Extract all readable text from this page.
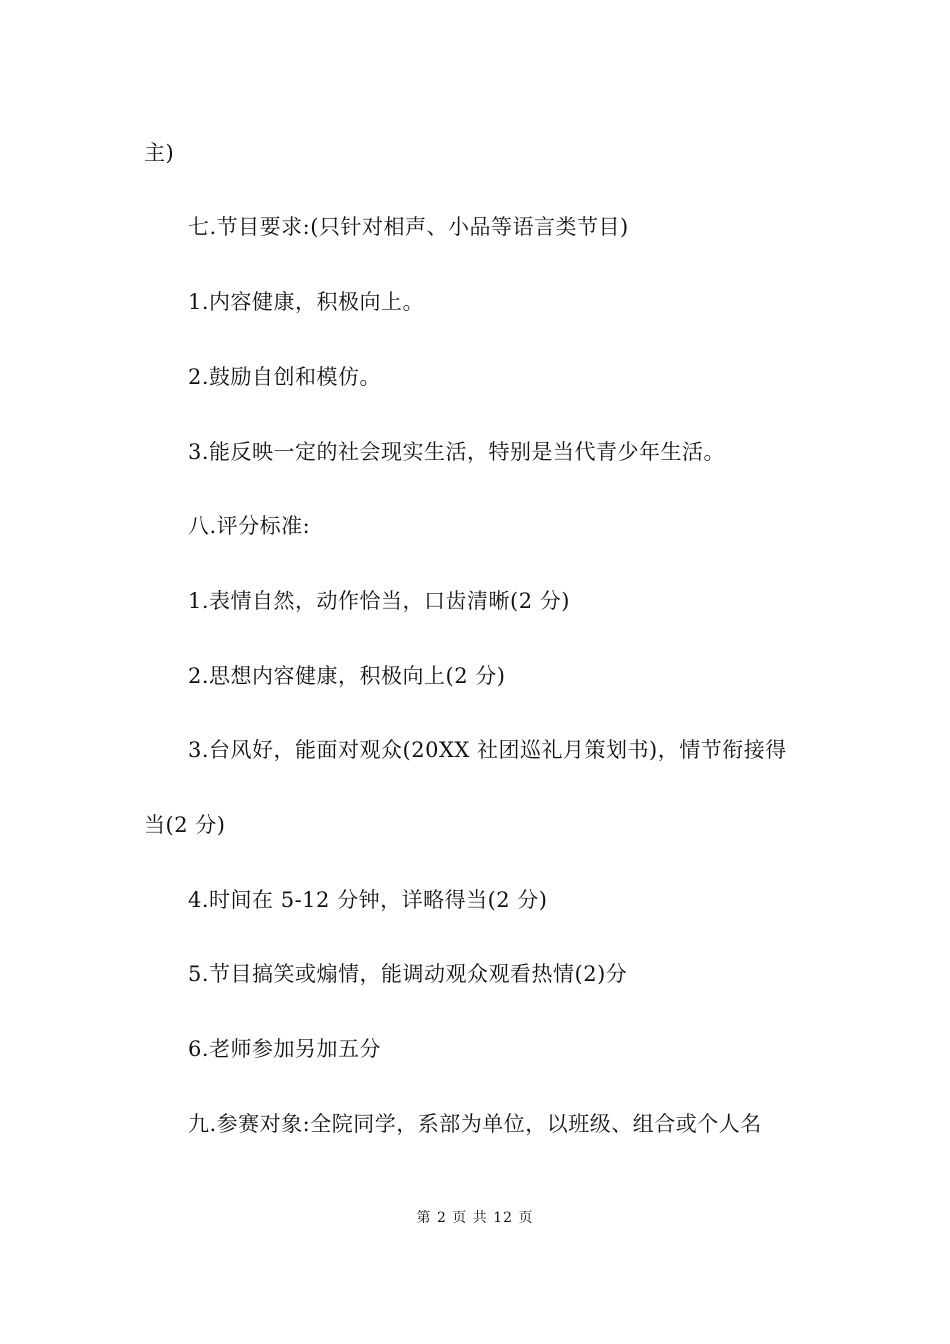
主)
七.节目要求:(只针对相声、小品等语言类节目)
1.内容健康，积极向上。
2.鼓励自创和模仿。
3.能反映一定的社会现实生活，特别是当代青少年生活。
八.评分标准:
1.表情自然，动作恰当，口齿清晰(2 分)
2.思想内容健康，积极向上(2 分)
3.台风好，能面对观众(20XX 社团巡礼月策划书)，情节衔接得
当(2 分)
4.时间在 5-12 分钟，详略得当(2 分)
5.节目搞笑或煽情，能调动观众观看热情(2)分
6.老师参加另加五分
九.参赛对象:全院同学，系部为单位，以班级、组合或个人名
第 2 页 共 12 页
